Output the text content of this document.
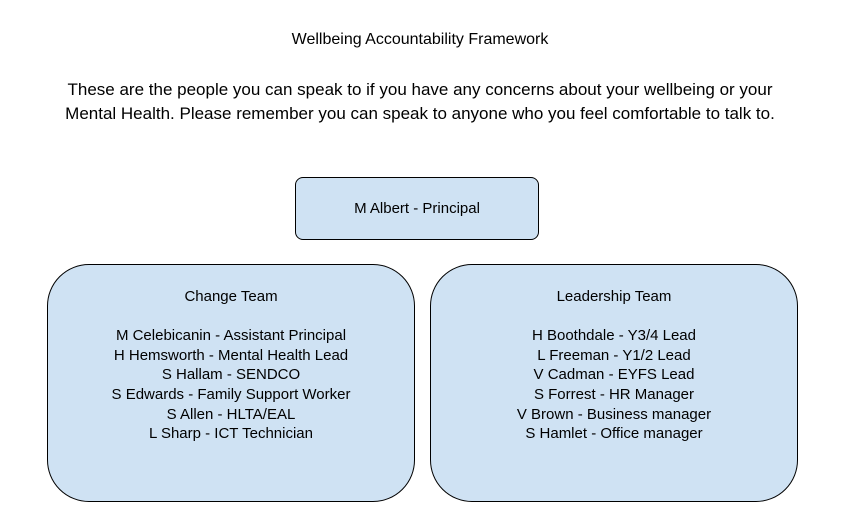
Wellbeing Accountability Framework
These are the people you can speak to if you have any concerns about your wellbeing or your Mental Health. Please remember you can speak to anyone who you feel comfortable to talk to.
M Albert - Principal
Change Team
M Celebicanin - Assistant Principal
H Hemsworth - Mental Health Lead
S Hallam - SENDCO
S Edwards - Family Support Worker
S Allen - HLTA/EAL
L Sharp - ICT Technician
Leadership Team
H Boothdale - Y3/4 Lead
L Freeman - Y1/2 Lead
V Cadman - EYFS Lead
S Forrest - HR Manager
V Brown - Business manager
S Hamlet - Office manager
